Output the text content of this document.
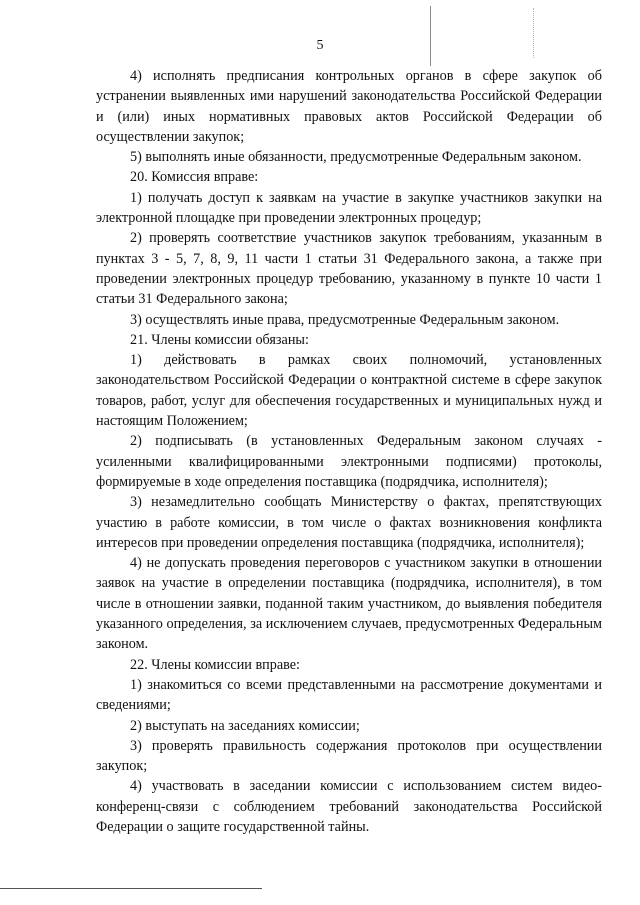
5

4) исполнять предписания контрольных органов в сфере закупок об устранении выявленных ими нарушений законодательства Российской Федерации и (или) иных нормативных правовых актов Российской Федерации об осуществлении закупок;

5) выполнять иные обязанности, предусмотренные Федеральным законом.

20. Комиссия вправе:

1) получать доступ к заявкам на участие в закупке участников закупки на электронной площадке при проведении электронных процедур;

2) проверять соответствие участников закупок требованиям, указанным в пунктах 3 - 5, 7, 8, 9, 11 части 1 статьи 31 Федерального закона, а также при проведении электронных процедур требованию, указанному в пункте 10 части 1 статьи 31 Федерального закона;

3) осуществлять иные права, предусмотренные Федеральным законом.

21. Члены комиссии обязаны:

1) действовать в рамках своих полномочий, установленных законодательством Российской Федерации о контрактной системе в сфере закупок товаров, работ, услуг для обеспечения государственных и муниципальных нужд и настоящим Положением;

2) подписывать (в установленных Федеральным законом случаях - усиленными квалифицированными электронными подписями) протоколы, формируемые в ходе определения поставщика (подрядчика, исполнителя);

3) незамедлительно сообщать Министерству о фактах, препятствующих участию в работе комиссии, в том числе о фактах возникновения конфликта интересов при проведении определения поставщика (подрядчика, исполнителя);

4) не допускать проведения переговоров с участником закупки в отношении заявок на участие в определении поставщика (подрядчика, исполнителя), в том числе в отношении заявки, поданной таким участником, до выявления победителя указанного определения, за исключением случаев, предусмотренных Федеральным законом.

22. Члены комиссии вправе:

1) знакомиться со всеми представленными на рассмотрение документами и сведениями;

2) выступать на заседаниях комиссии;

3) проверять правильность содержания протоколов при осуществлении закупок;

4) участвовать в заседании комиссии с использованием систем видео-конференц-связи с соблюдением требований законодательства Российской Федерации о защите государственной тайны.
